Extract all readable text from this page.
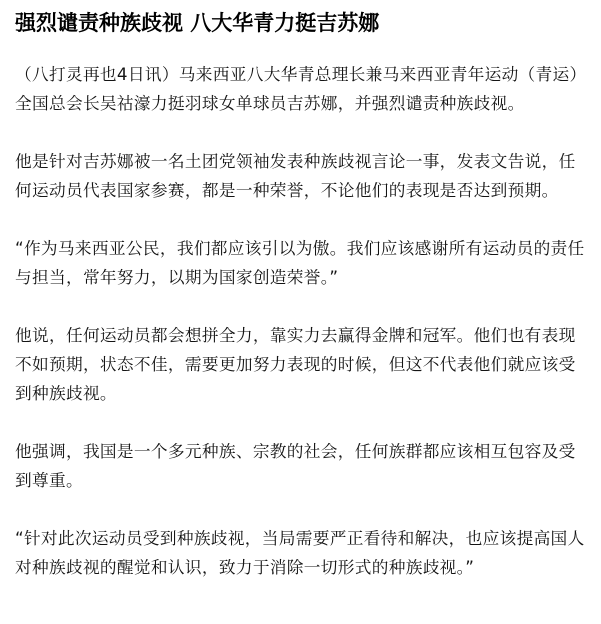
强烈谴责种族歧视 八大华青力挺吉苏娜

（八打灵再也4日讯）马来西亚八大华青总理长兼马来西亚青年运动（青运）全国总会长吴祜濠力挺羽球女单球员吉苏娜，并强烈谴责种族歧视。

他是针对吉苏娜被一名土团党领袖发表种族歧视言论一事，发表文告说，任何运动员代表国家参赛，都是一种荣誉，不论他们的表现是否达到预期。

“作为马来西亚公民，我们都应该引以为傲。我们应该感谢所有运动员的责任与担当，常年努力，以期为国家创造荣誉。”

他说，任何运动员都会想拼全力，靠实力去赢得金牌和冠军。他们也有表现不如预期，状态不佳，需要更加努力表现的时候，但这不代表他们就应该受到种族歧视。

他强调，我国是一个多元种族、宗教的社会，任何族群都应该相互包容及受到尊重。

“针对此次运动员受到种族歧视，当局需要严正看待和解决，也应该提高国人对种族歧视的醒觉和认识，致力于消除一切形式的种族歧视。”
